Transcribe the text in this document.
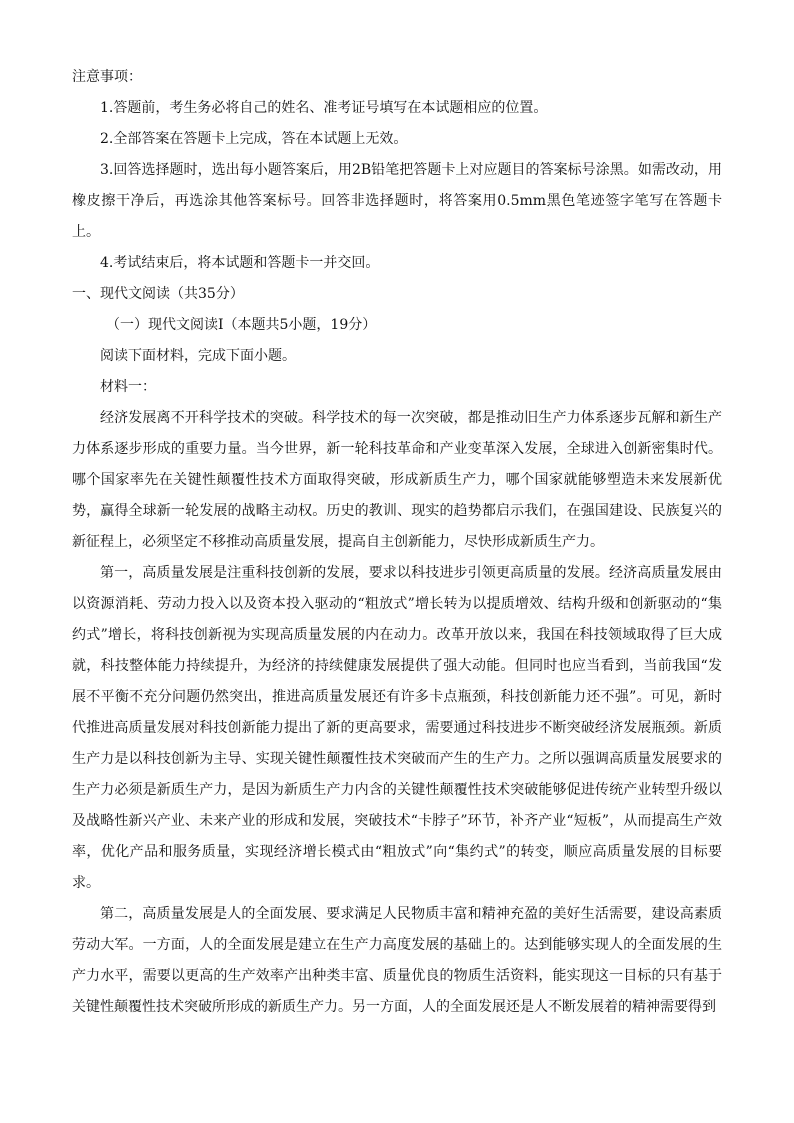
注意事项：
1.答题前，考生务必将自己的姓名、准考证号填写在本试题相应的位置。
2.全部答案在答题卡上完成，答在本试题上无效。

3.回答选择题时，选出每小题答案后，用2B铅笔把答题卡上对应题目的答案标号涂黑。如需改动，用橡皮擦干净后，再选涂其他答案标号。回答非选择题时，将答案用0.5mm黑色笔迹签字笔写在答题卡上。

4.考试结束后，将本试题和答题卡一并交回。
一、现代文阅读（共35分）
（一）现代文阅读Ⅰ（本题共5小题，19分）
阅读下面材料，完成下面小题。
材料一：

经济发展离不开科学技术的突破。科学技术的每一次突破，都是推动旧生产力体系逐步瓦解和新生产力体系逐步形成的重要力量。当今世界，新一轮科技革命和产业变革深入发展，全球进入创新密集时代。哪个国家率先在关键性颠覆性技术方面取得突破，形成新质生产力，哪个国家就能够塑造未来发展新优势，赢得全球新一轮发展的战略主动权。历史的教训、现实的趋势都启示我们，在强国建设、民族复兴的新征程上，必须坚定不移推动高质量发展，提高自主创新能力，尽快形成新质生产力。

第一，高质量发展是注重科技创新的发展，要求以科技进步引领更高质量的发展。经济高质量发展由以资源消耗、劳动力投入以及资本投入驱动的“粗放式”增长转为以提质增效、结构升级和创新驱动的“集约式”增长，将科技创新视为实现高质量发展的内在动力。改革开放以来，我国在科技领域取得了巨大成就，科技整体能力持续提升，为经济的持续健康发展提供了强大动能。但同时也应当看到，当前我国“发展不平衡不充分问题仍然突出，推进高质量发展还有许多卡点瓶颈，科技创新能力还不强”。可见，新时代推进高质量发展对科技创新能力提出了新的更高要求，需要通过科技进步不断突破经济发展瓶颈。新质生产力是以科技创新为主导、实现关键性颠覆性技术突破而产生的生产力。之所以强调高质量发展要求的生产力必须是新质生产力，是因为新质生产力内含的关键性颠覆性技术突破能够促进传统产业转型升级以及战略性新兴产业、未来产业的形成和发展，突破技术“卡脖子”环节，补齐产业“短板”，从而提高生产效率，优化产品和服务质量，实现经济增长模式由“粗放式”向“集约式”的转变，顺应高质量发展的目标要求。

第二，高质量发展是人的全面发展、要求满足人民物质丰富和精神充盈的美好生活需要，建设高素质劳动大军。一方面，人的全面发展是建立在生产力高度发展的基础上的。达到能够实现人的全面发展的生产力水平，需要以更高的生产效率产出种类丰富、质量优良的物质生活资料，能实现这一目标的只有基于关键性颠覆性技术突破所形成的新质生产力。另一方面，人的全面发展还是人不断发展着的精神需要得到
